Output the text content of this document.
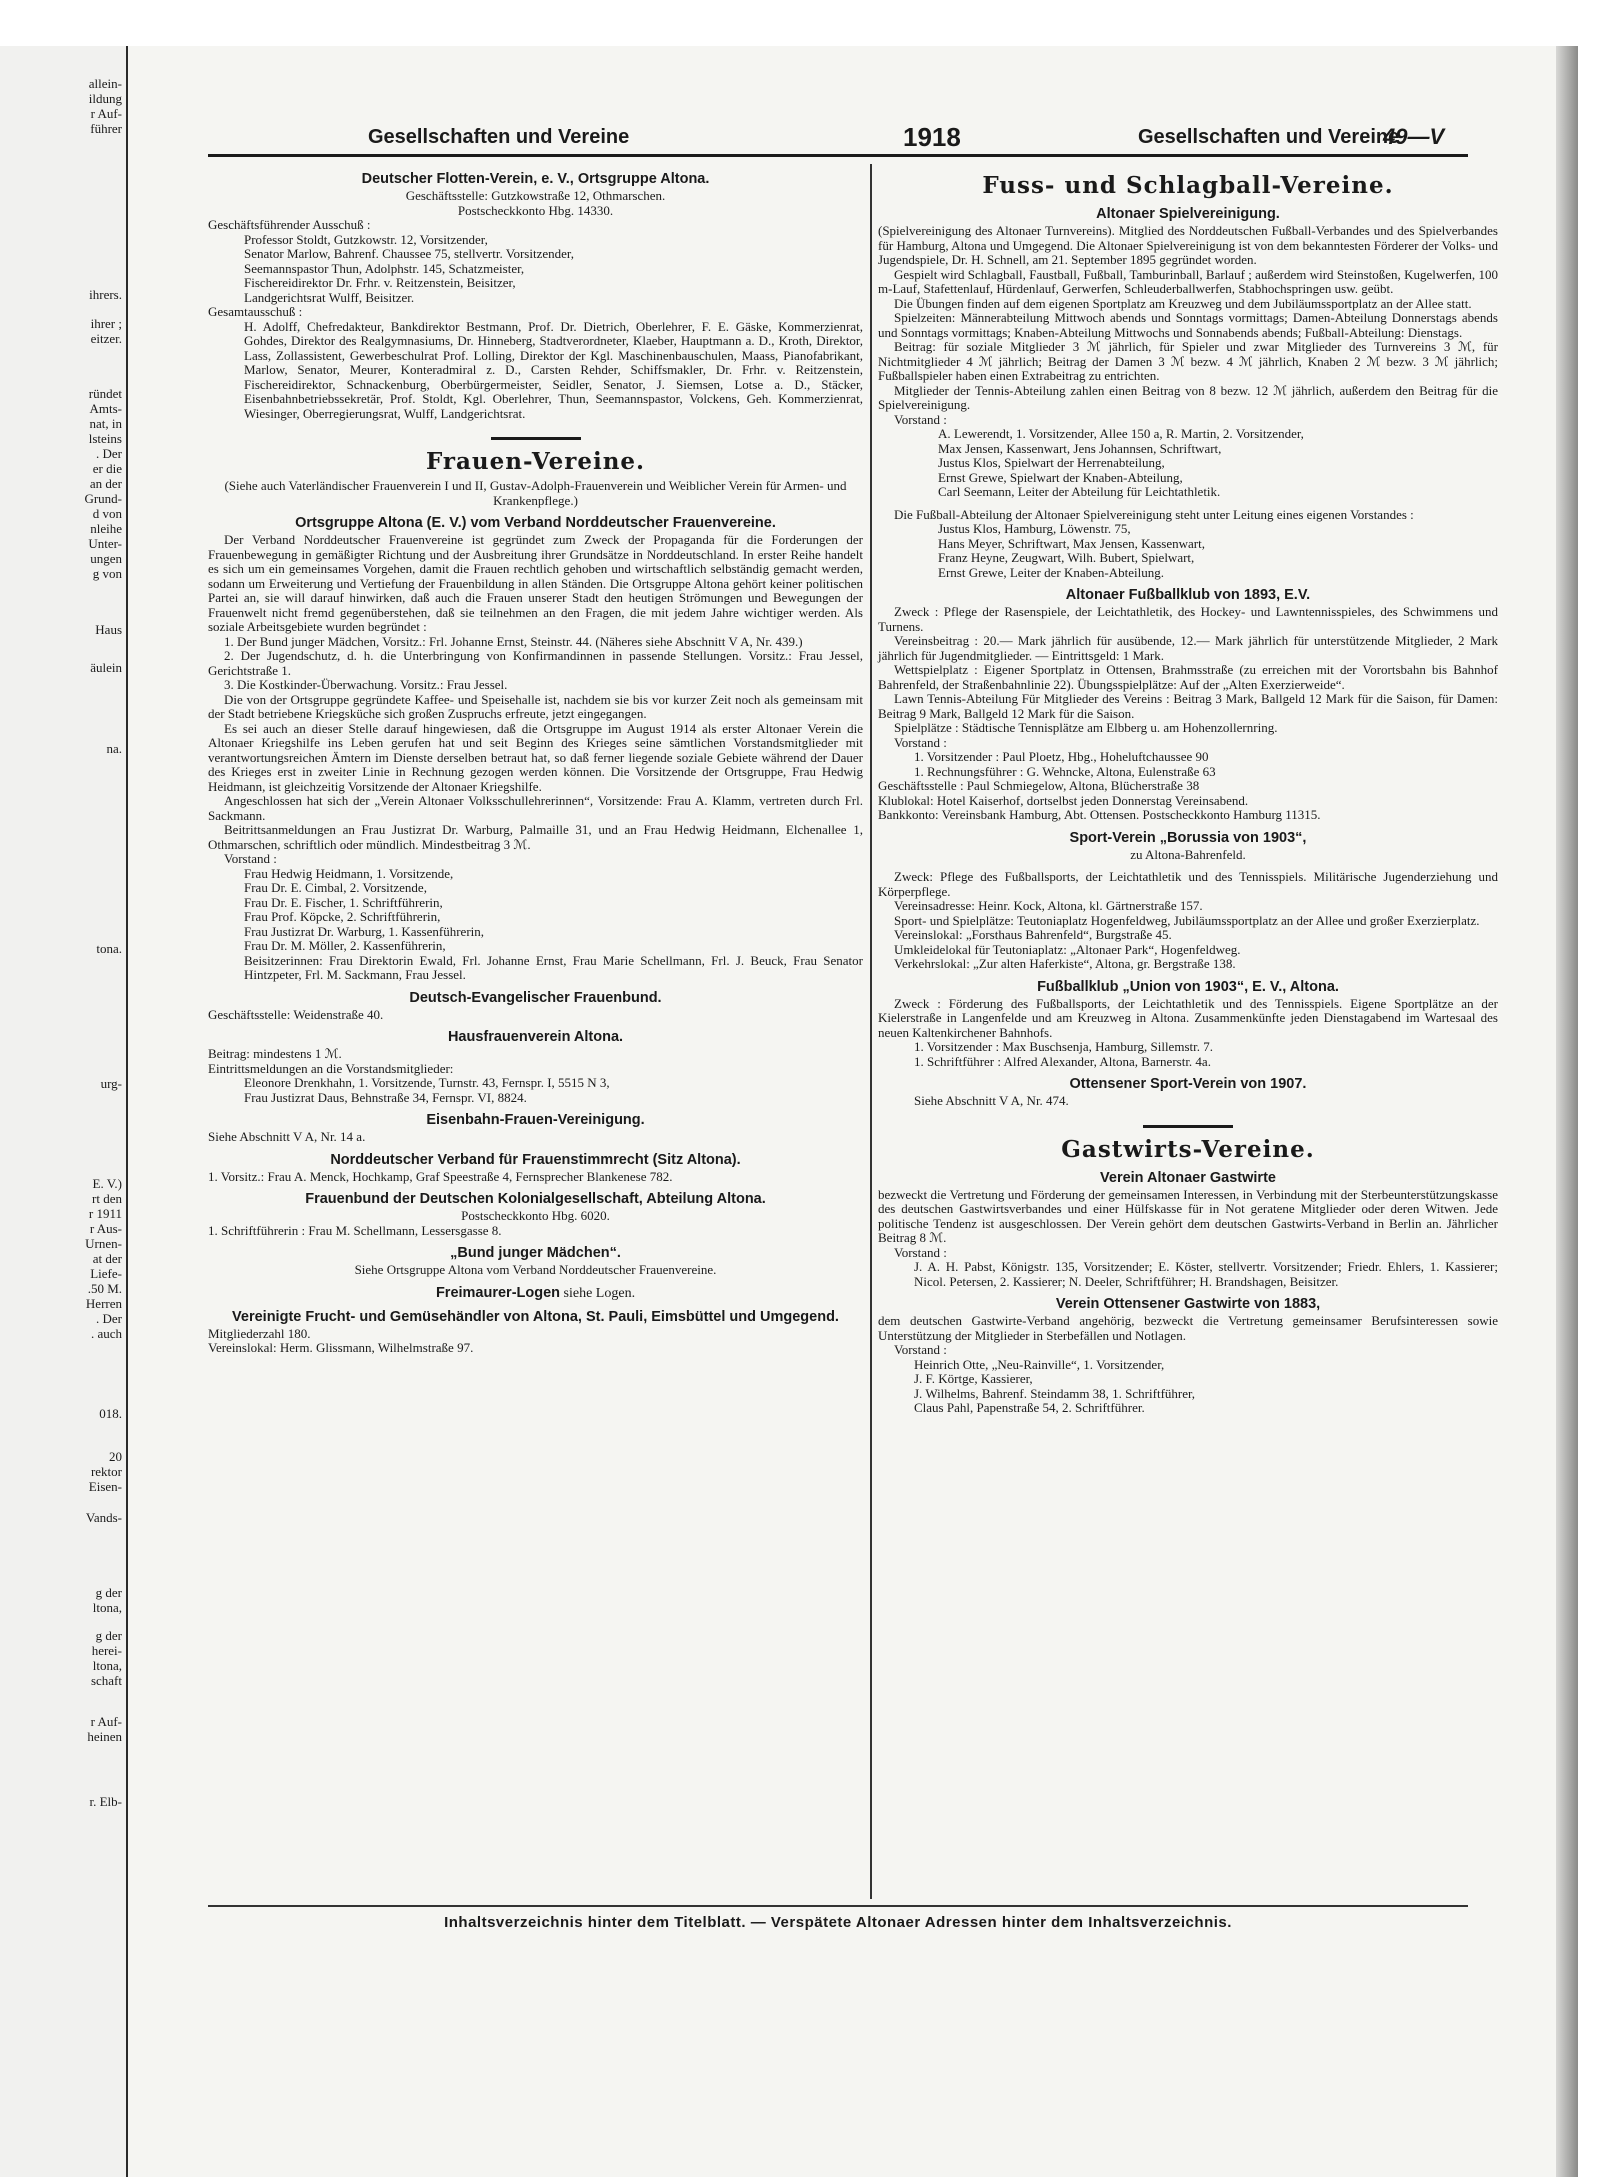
allein-
ildung
r Auf-
führer
ihrers.
ihrer ;
eitzer.
ründet
Amts-
nat, in
lsteins
. Der
er die
an der
Grund-
d von
nleihe
Unter-
ungen
g von
Haus
äulein
na.
tona.
urg-
E. V.)
rt den
r 1911
r Aus-
Urnen-
at der
Liefe-
.50 M.
Herren
. Der
. auch
018.
20
rektor
Eisen-
Vands-
g der
ltona,
g der
herei-
ltona,
schaft
r Auf-
heinen
r. Elb-
Gesellschaften und Vereine	1918	Gesellschaften und Vereine
49—V
Deutscher Flotten-Verein, e. V., Ortsgruppe Altona.

Geschäftsstelle: Gutzkowstraße 12, Othmarschen.

Postscheckkonto Hbg. 14330.

Geschäftsführender Ausschuß :

Professor Stoldt, Gutzkowstr. 12, Vorsitzender,

Senator Marlow, Bahrenf. Chaussee 75, stellvertr. Vorsitzender,

Seemannspastor Thun, Adolphstr. 145, Schatzmeister,

Fischereidirektor Dr. Frhr. v. Reitzenstein, Beisitzer,

Landgerichtsrat Wulff, Beisitzer.

Gesamtausschuß :

H. Adolff, Chefredakteur, Bankdirektor Bestmann, Prof. Dr. Dietrich, Oberlehrer, F. E. Gäske, Kommerzienrat, Gohdes, Direktor des Realgymnasiums, Dr. Hinneberg, Stadtverordneter, Klaeber, Hauptmann a. D., Kroth, Direktor, Lass, Zollassistent, Gewerbeschulrat Prof. Lolling, Direktor der Kgl. Maschinenbauschulen, Maass, Pianofabrikant, Marlow, Senator, Meurer, Konteradmiral z. D., Carsten Rehder, Schiffsmakler, Dr. Frhr. v. Reitzenstein, Fischereidirektor, Schnackenburg, Oberbürgermeister, Seidler, Senator, J. Siemsen, Lotse a. D., Stäcker, Eisenbahnbetriebssekretär, Prof. Stoldt, Kgl. Oberlehrer, Thun, Seemannspastor, Volckens, Geh. Kommerzienrat, Wiesinger, Oberregierungsrat, Wulff, Landgerichtsrat.

Frauen-Vereine.

(Siehe auch Vaterländischer Frauenverein I und II, Gustav-Adolph-Frauenverein und Weiblicher Verein für Armen- und Krankenpflege.)

Ortsgruppe Altona (E. V.) vom Verband Norddeutscher Frauenvereine.

Der Verband Norddeutscher Frauenvereine ist gegründet zum Zweck der Propaganda für die Forderungen der Frauenbewegung in gemäßigter Richtung und der Ausbreitung ihrer Grundsätze in Norddeutschland. In erster Reihe handelt es sich um ein gemeinsames Vorgehen, damit die Frauen rechtlich gehoben und wirtschaftlich selbständig gemacht werden, sodann um Erweiterung und Vertiefung der Frauenbildung in allen Ständen. Die Ortsgruppe Altona gehört keiner politischen Partei an, sie will darauf hinwirken, daß auch die Frauen unserer Stadt den heutigen Strömungen und Bewegungen der Frauenwelt nicht fremd gegenüberstehen, daß sie teilnehmen an den Fragen, die mit jedem Jahre wichtiger werden. Als soziale Arbeitsgebiete wurden begründet :

1. Der Bund junger Mädchen, Vorsitz.: Frl. Johanne Ernst, Steinstr. 44. (Näheres siehe Abschnitt V A, Nr. 439.)

2. Der Jugendschutz, d. h. die Unterbringung von Konfirmandinnen in passende Stellungen. Vorsitz.: Frau Jessel, Gerichtstraße 1.

3. Die Kostkinder-Überwachung. Vorsitz.: Frau Jessel.

Die von der Ortsgruppe gegründete Kaffee- und Speisehalle ist, nachdem sie bis vor kurzer Zeit noch als gemeinsam mit der Stadt betriebene Kriegsküche sich großen Zuspruchs erfreute, jetzt eingegangen.

Es sei auch an dieser Stelle darauf hingewiesen, daß die Ortsgruppe im August 1914 als erster Altonaer Verein die Altonaer Kriegshilfe ins Leben gerufen hat und seit Beginn des Krieges seine sämtlichen Vorstandsmitglieder mit verantwortungsreichen Ämtern im Dienste derselben betraut hat, so daß ferner liegende soziale Gebiete während der Dauer des Krieges erst in zweiter Linie in Rechnung gezogen werden können. Die Vorsitzende der Ortsgruppe, Frau Hedwig Heidmann, ist gleichzeitig Vorsitzende der Altonaer Kriegshilfe.

Angeschlossen hat sich der „Verein Altonaer Volksschullehrerinnen“, Vorsitzende: Frau A. Klamm, vertreten durch Frl. Sackmann.

Beitrittsanmeldungen an Frau Justizrat Dr. Warburg, Palmaille 31, und an Frau Hedwig Heidmann, Elchenallee 1, Othmarschen, schriftlich oder mündlich. Mindestbeitrag 3 ℳ.

Vorstand :

Frau Hedwig Heidmann, 1. Vorsitzende,

Frau Dr. E. Cimbal, 2. Vorsitzende,

Frau Dr. E. Fischer, 1. Schriftführerin,

Frau Prof. Köpcke, 2. Schriftführerin,

Frau Justizrat Dr. Warburg, 1. Kassenführerin,

Frau Dr. M. Möller, 2. Kassenführerin,

Beisitzerinnen: Frau Direktorin Ewald, Frl. Johanne Ernst, Frau Marie Schellmann, Frl. J. Beuck, Frau Senator Hintzpeter, Frl. M. Sackmann, Frau Jessel.

Deutsch-Evangelischer Frauenbund.

Geschäftsstelle: Weidenstraße 40.

Hausfrauenverein Altona.

Beitrag: mindestens 1 ℳ.

Eintrittsmeldungen an die Vorstandsmitglieder:

Eleonore Drenkhahn, 1. Vorsitzende, Turnstr. 43, Fernspr. I, 5515 N 3,

Frau Justizrat Daus, Behnstraße 34, Fernspr. VI, 8824.

Eisenbahn-Frauen-Vereinigung.

Siehe Abschnitt V A, Nr. 14 a.

Norddeutscher Verband für Frauenstimmrecht (Sitz Altona).

1. Vorsitz.: Frau A. Menck, Hochkamp, Graf Speestraße 4, Fernsprecher Blankenese 782.

Frauenbund der Deutschen Kolonialgesellschaft, Abteilung Altona.

Postscheckkonto Hbg. 6020.

1. Schriftführerin : Frau M. Schellmann, Lessersgasse 8.

„Bund junger Mädchen“.

Siehe Ortsgruppe Altona vom Verband Norddeutscher Frauenvereine.

Freimaurer-Logen siehe Logen.
Vereinigte Frucht- und Gemüsehändler von Altona, St. Pauli, Eimsbüttel und Umgegend.

Mitgliederzahl 180.

Vereinslokal: Herm. Glissmann, Wilhelmstraße 97.

Fuss- und Schlagball-Vereine.
Altonaer Spielvereinigung.

(Spielvereinigung des Altonaer Turnvereins). Mitglied des Norddeutschen Fußball-Verbandes und des Spielverbandes für Hamburg, Altona und Umgegend. Die Altonaer Spielvereinigung ist von dem bekanntesten Förderer der Volks- und Jugendspiele, Dr. H. Schnell, am 21. September 1895 gegründet worden.

Gespielt wird Schlagball, Faustball, Fußball, Tamburinball, Barlauf ; außerdem wird Steinstoßen, Kugelwerfen, 100 m-Lauf, Stafettenlauf, Hürdenlauf, Gerwerfen, Schleuderballwerfen, Stabhochspringen usw. geübt.

Die Übungen finden auf dem eigenen Sportplatz am Kreuzweg und dem Jubiläumssportplatz an der Allee statt.

Spielzeiten: Männerabteilung Mittwoch abends und Sonntags vormittags; Damen-Abteilung Donnerstags abends und Sonntags vormittags; Knaben-Abteilung Mittwochs und Sonnabends abends; Fußball-Abteilung: Dienstags.

Beitrag: für soziale Mitglieder 3 ℳ jährlich, für Spieler und zwar Mitglieder des Turnvereins 3 ℳ, für Nichtmitglieder 4 ℳ jährlich; Beitrag der Damen 3 ℳ bezw. 4 ℳ jährlich, Knaben 2 ℳ bezw. 3 ℳ jährlich; Fußballspieler haben einen Extrabeitrag zu entrichten.

Mitglieder der Tennis-Abteilung zahlen einen Beitrag von 8 bezw. 12 ℳ jährlich, außerdem den Beitrag für die Spielvereinigung.

Vorstand :

A. Lewerendt, 1. Vorsitzender, Allee 150 a, R. Martin, 2. Vorsitzender,

Max Jensen, Kassenwart, Jens Johannsen, Schriftwart,

Justus Klos, Spielwart der Herrenabteilung,

Ernst Grewe, Spielwart der Knaben-Abteilung,

Carl Seemann, Leiter der Abteilung für Leichtathletik.

Die Fußball-Abteilung der Altonaer Spielvereinigung steht unter Leitung eines eigenen Vorstandes :

Justus Klos, Hamburg, Löwenstr. 75,

Hans Meyer, Schriftwart, Max Jensen, Kassenwart,

Franz Heyne, Zeugwart, Wilh. Bubert, Spielwart,

Ernst Grewe, Leiter der Knaben-Abteilung.

Altonaer Fußballklub von 1893, E.V.

Zweck : Pflege der Rasenspiele, der Leichtathletik, des Hockey- und Lawntennisspieles, des Schwimmens und Turnens.

Vereinsbeitrag : 20.— Mark jährlich für ausübende, 12.— Mark jährlich für unterstützende Mitglieder, 2 Mark jährlich für Jugendmitglieder. — Eintrittsgeld: 1 Mark.

Wettspielplatz : Eigener Sportplatz in Ottensen, Brahmsstraße (zu erreichen mit der Vorortsbahn bis Bahnhof Bahrenfeld, der Straßenbahnlinie 22). Übungsspielplätze: Auf der „Alten Exerzierweide“.

Lawn Tennis-Abteilung Für Mitglieder des Vereins : Beitrag 3 Mark, Ballgeld 12 Mark für die Saison, für Damen: Beitrag 9 Mark, Ballgeld 12 Mark für die Saison.

Spielplätze : Städtische Tennisplätze am Elbberg u. am Hohenzollernring.

Vorstand :

1. Vorsitzender : Paul Ploetz, Hbg., Hoheluftchaussee 90

1. Rechnungsführer : G. Wehncke, Altona, Eulenstraße 63

Geschäftsstelle : Paul Schmiegelow, Altona, Blücherstraße 38

Klublokal: Hotel Kaiserhof, dortselbst jeden Donnerstag Vereinsabend.

Bankkonto: Vereinsbank Hamburg, Abt. Ottensen. Postscheckkonto Hamburg 11315.

Sport-Verein „Borussia von 1903“,

zu Altona-Bahrenfeld.

Zweck: Pflege des Fußballsports, der Leichtathletik und des Tennisspiels. Militärische Jugenderziehung und Körperpflege.

Vereinsadresse: Heinr. Kock, Altona, kl. Gärtnerstraße 157.

Sport- und Spielplätze: Teutoniaplatz Hogenfeldweg, Jubiläumssportplatz an der Allee und großer Exerzierplatz.

Vereinslokal: „Forsthaus Bahrenfeld“, Burgstraße 45.

Umkleidelokal für Teutoniaplatz: „Altonaer Park“, Hogenfeldweg.

Verkehrslokal: „Zur alten Haferkiste“, Altona, gr. Bergstraße 138.

Fußballklub „Union von 1903“, E. V., Altona.

Zweck : Förderung des Fußballsports, der Leichtathletik und des Tennisspiels. Eigene Sportplätze an der Kielerstraße in Langenfelde und am Kreuzweg in Altona. Zusammenkünfte jeden Dienstagabend im Wartesaal des neuen Kaltenkirchener Bahnhofs.

1. Vorsitzender : Max Buschsenja, Hamburg, Sillemstr. 7.

1. Schriftführer : Alfred Alexander, Altona, Barnerstr. 4a.

Ottensener Sport-Verein von 1907.

Siehe Abschnitt V A, Nr. 474.

Gastwirts-Vereine.
Verein Altonaer Gastwirte

bezweckt die Vertretung und Förderung der gemeinsamen Interessen, in Verbindung mit der Sterbeunterstützungskasse des deutschen Gastwirtsverbandes und einer Hülfskasse für in Not geratene Mitglieder oder deren Witwen. Jede politische Tendenz ist ausgeschlossen. Der Verein gehört dem deutschen Gastwirts-Verband in Berlin an. Jährlicher Beitrag 8 ℳ.

Vorstand :

J. A. H. Pabst, Königstr. 135, Vorsitzender; E. Köster, stellvertr. Vorsitzender; Friedr. Ehlers, 1. Kassierer; Nicol. Petersen, 2. Kassierer; N. Deeler, Schriftführer; H. Brandshagen, Beisitzer.

Verein Ottensener Gastwirte von 1883,

dem deutschen Gastwirte-Verband angehörig, bezweckt die Vertretung gemeinsamer Berufsinteressen sowie Unterstützung der Mitglieder in Sterbefällen und Notlagen.

Vorstand :

Heinrich Otte, „Neu-Rainville“, 1. Vorsitzender,

J. F. Körtge, Kassierer,

J. Wilhelms, Bahrenf. Steindamm 38, 1. Schriftführer,

Claus Pahl, Papenstraße 54, 2. Schriftführer.

Inhaltsverzeichnis hinter dem Titelblatt. — Verspätete Altonaer Adressen hinter dem Inhaltsverzeichnis.
